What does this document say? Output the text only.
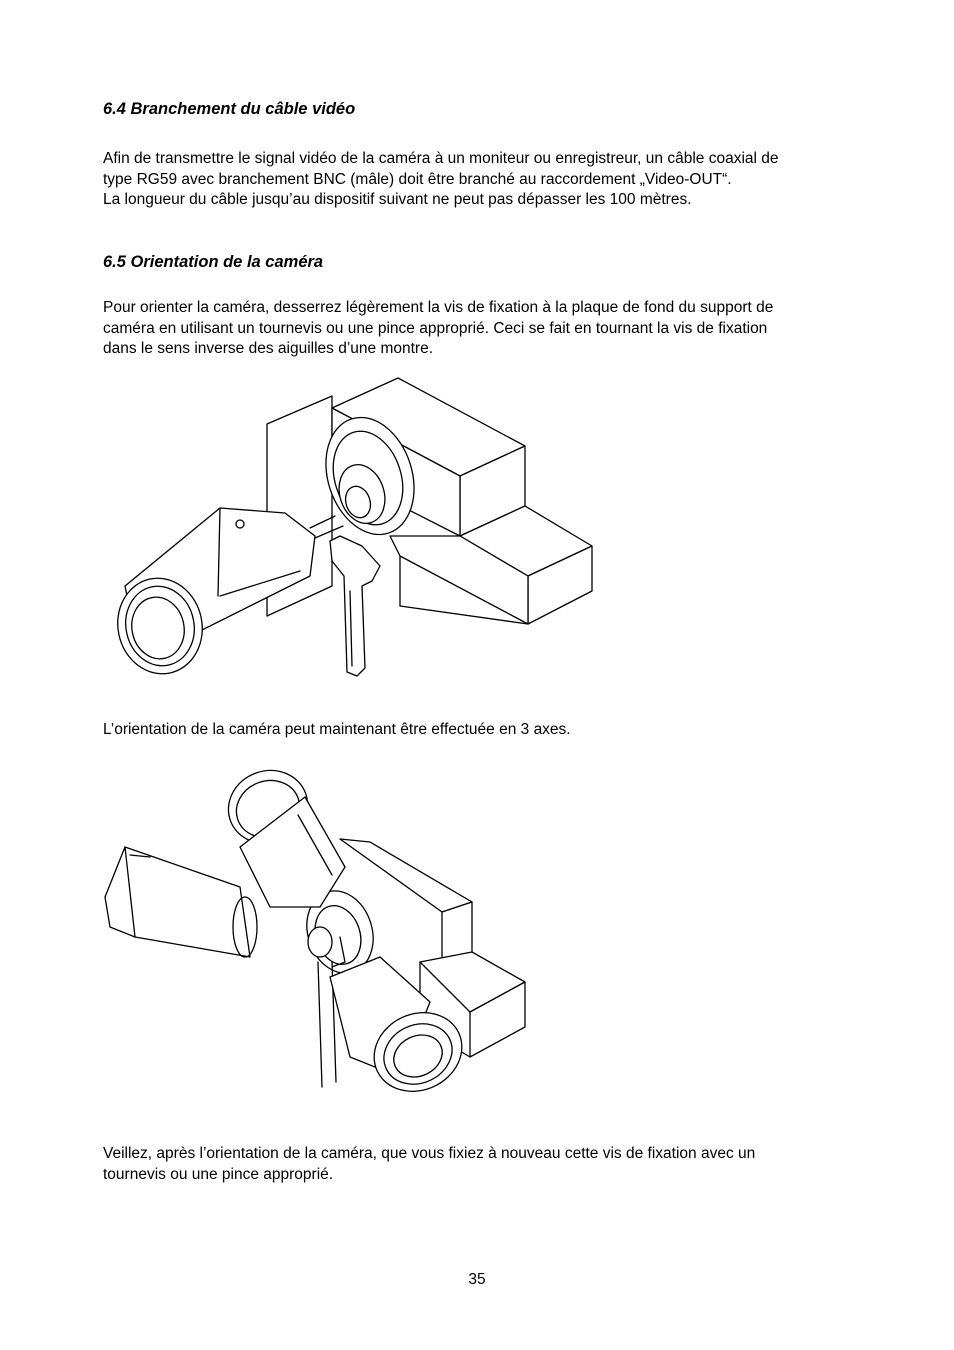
6.4 Branchement du câble vidéo
Afin de transmettre le signal vidéo de la caméra à un moniteur ou enregistreur, un câble coaxial de
type RG59 avec branchement BNC (mâle) doit être branché au raccordement „Video-OUT“.
La longueur du câble jusqu’au dispositif suivant ne peut pas dépasser les 100 mètres.
6.5 Orientation de la caméra
Pour orienter la caméra, desserrez légèrement la vis de fixation à la plaque de fond du support de
caméra en utilisant un tournevis ou une pince approprié. Ceci se fait en tournant la vis de fixation
dans le sens inverse des aiguilles d’une montre.

L’orientation de la caméra peut maintenant être effectuée en 3 axes.

Veillez, après l’orientation de la caméra, que vous fixiez à nouveau cette vis de fixation avec un
tournevis ou une pince approprié.

35
